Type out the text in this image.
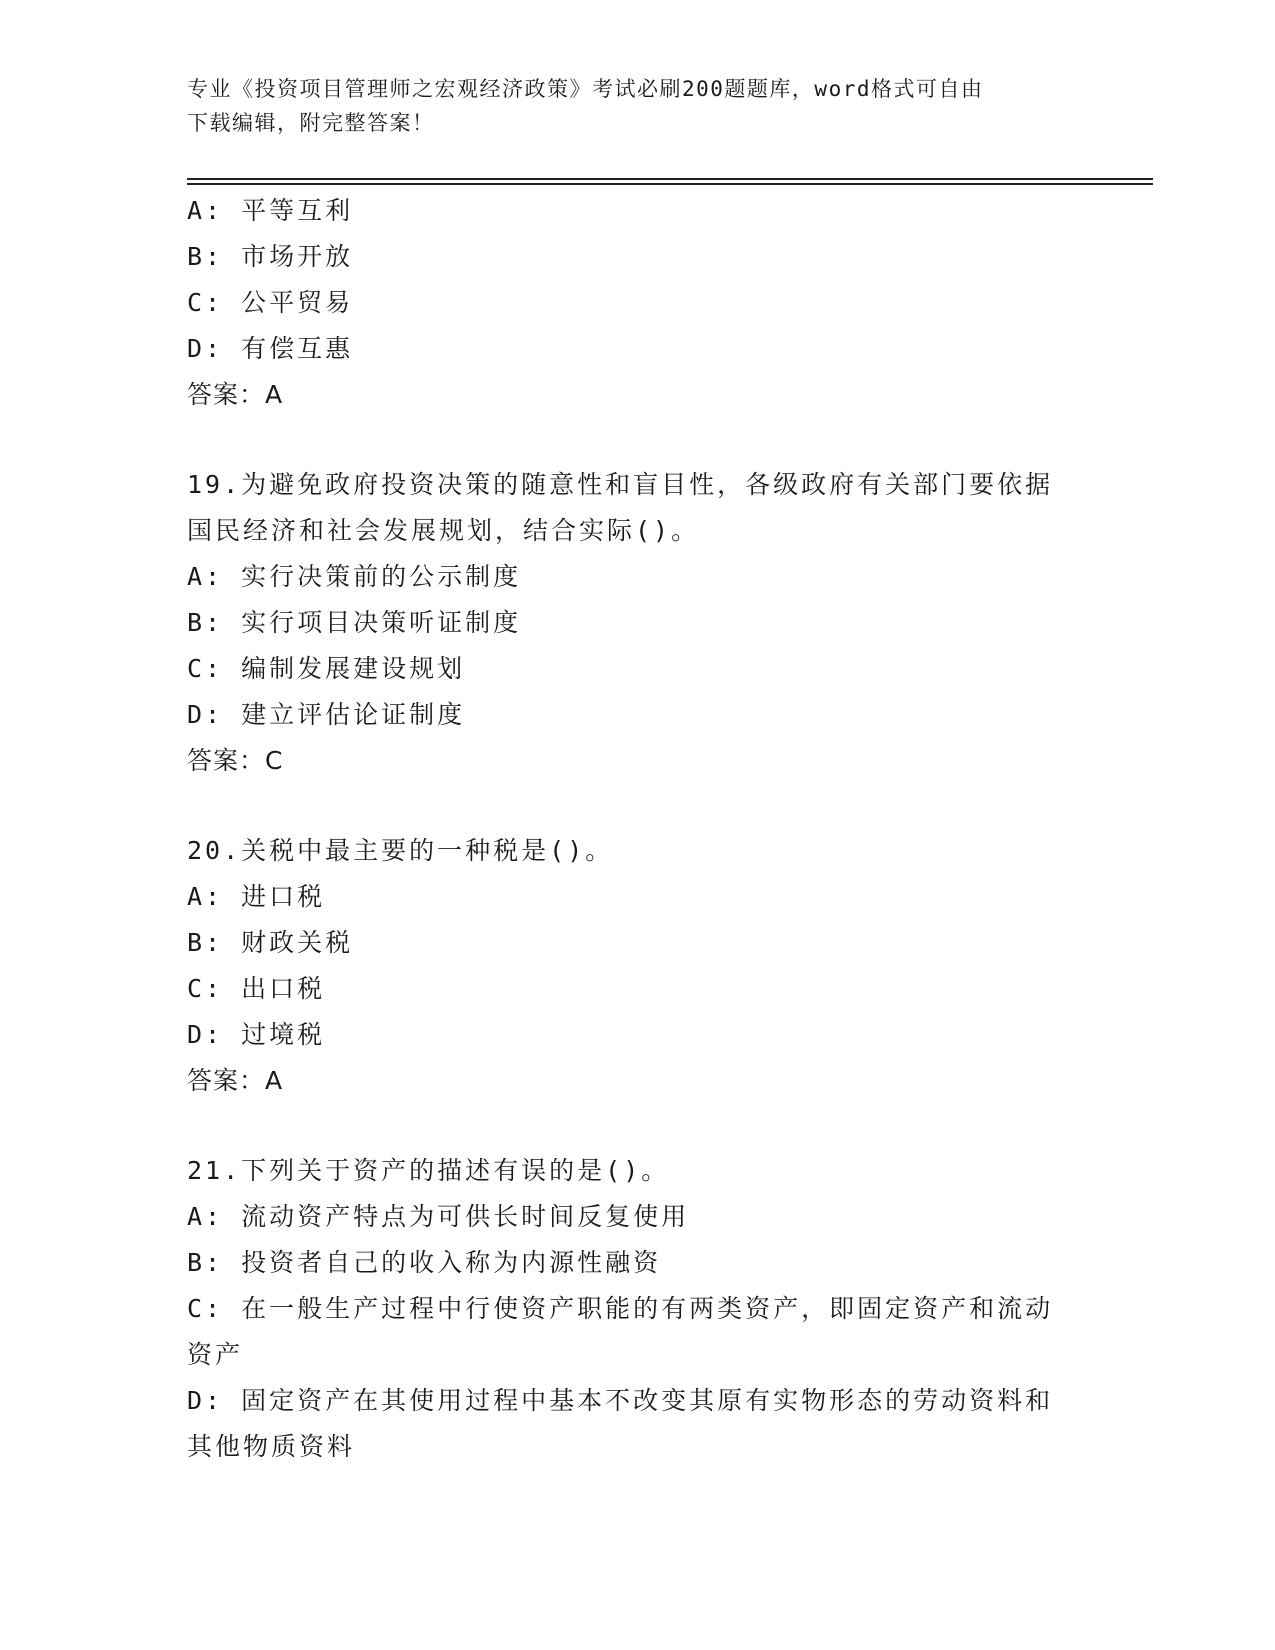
专业《投资项目管理师之宏观经济政策》考试必刷200题题库，word格式可自由
下载编辑，附完整答案！
A: 平等互利
B: 市场开放
C: 公平贸易
D: 有偿互惠
答案：A
19.为避免政府投资决策的随意性和盲目性，各级政府有关部门要依据
国民经济和社会发展规划，结合实际()。
A: 实行决策前的公示制度
B: 实行项目决策听证制度
C: 编制发展建设规划
D: 建立评估论证制度
答案：C
20.关税中最主要的一种税是()。
A: 进口税
B: 财政关税
C: 出口税
D: 过境税
答案：A
21.下列关于资产的描述有误的是()。
A: 流动资产特点为可供长时间反复使用
B: 投资者自己的收入称为内源性融资
C: 在一般生产过程中行使资产职能的有两类资产，即固定资产和流动
资产
D: 固定资产在其使用过程中基本不改变其原有实物形态的劳动资料和
其他物质资料
